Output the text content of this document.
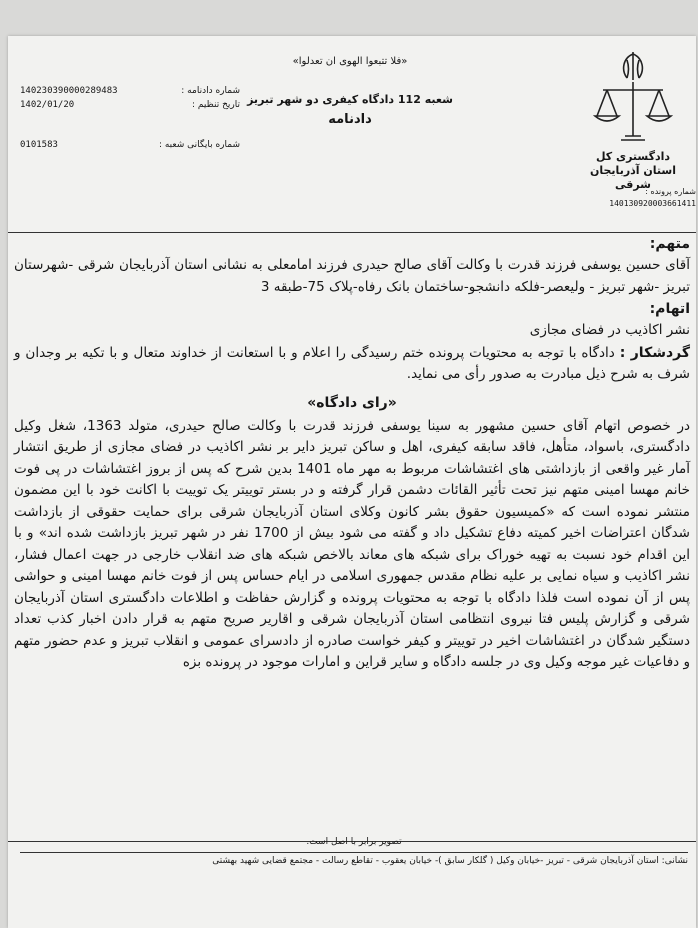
دادگستری کل استان آذربایجان
شرقی
«فلا تتبعوا الهوى ان تعدلوا»
شعبه 112 دادگاه کیفری دو شهر تبریز
دادنامه
شماره دادنامه :
140230390000289483
تاریخ تنظیم :
1402/01/20
شماره بایگانی شعبه :
0101583
شماره پرونده :
140130920003661411
متهم:
آقای حسین یوسفی فرزند قدرت با وکالت آقای صالح حیدری فرزند امامعلی به نشانی استان آذربایجان شرقی -شهرستان تبریز -شهر تبریز - ولیعصر-فلکه دانشجو-ساختمان بانک رفاه-پلاک 75-طبقه 3
اتهام:
نشر اکاذیب در فضای مجازی
گردشکار : دادگاه با توجه به محتویات پرونده ختم رسیدگی را اعلام و با استعانت از خداوند متعال و با تکیه بر وجدان و شرف به شرح ذیل مبادرت به صدور رأی می نماید.
«رای دادگاه»
در خصوص اتهام آقای حسین مشهور به سینا یوسفی فرزند قدرت با وکالت صالح حیدری، متولد 1363، شغل وکیل دادگستری، باسواد، متأهل، فاقد سابقه کیفری، اهل و ساکن تبریز دایر بر نشر اکاذیب در فضای مجازی از طریق انتشار آمار غیر واقعی از بازداشتی های اغتشاشات مربوط به مهر ماه 1401 بدین شرح که پس از بروز اغتشاشات در پی فوت خانم مهسا امینی متهم نیز تحت تأثیر القائات دشمن قرار گرفته و در بستر توییتر یک توییت با اکانت خود با این مضمون منتشر نموده است که «کمیسیون حقوق بشر کانون وکلای استان آذربایجان شرقی برای حمایت حقوقی از بازداشت شدگان اعتراضات اخیر کمیته دفاع تشکیل داد و گفته می شود بیش از 1700 نفر در شهر تبریز بازداشت شده اند» و با این اقدام خود نسبت به تهیه خوراک برای شبکه های معاند بالاخص شبکه های ضد انقلاب خارجی در جهت اعمال فشار، نشر اکاذیب و سیاه نمایی بر علیه نظام مقدس جمهوری اسلامی در ایام حساس پس از فوت خانم مهسا امینی و حواشی پس از آن نموده است فلذا دادگاه با توجه به محتویات پرونده و گزارش حفاظت و اطلاعات دادگستری استان آذربایجان شرقی و گزارش پلیس فتا نیروی انتظامی استان آذربایجان شرقی و اقاریر صریح متهم به قرار دادن اخبار کذب تعداد دستگیر شدگان در اغتشاشات اخیر در توییتر و کیفر خواست صادره از دادسرای عمومی و انقلاب تبریز و عدم حضور متهم و دفاعیات غیر موجه وکیل وی در جلسه دادگاه و سایر قراین و امارات موجود در پرونده بزه
تصویر برابر با اصل است.
نشانی: استان آذربایجان شرقی - تبریز -خیابان وکیل ( گلکار سابق )- خیابان یعقوب - تقاطع رسالت - مجتمع قضایی شهید بهشتی
